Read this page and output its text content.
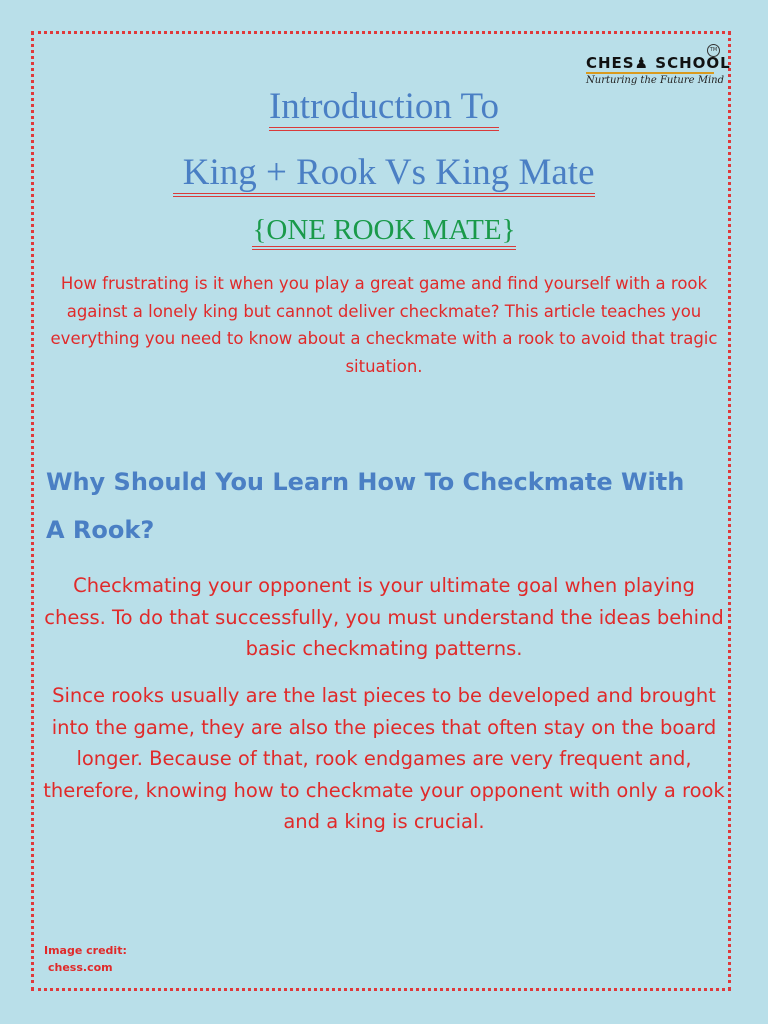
CHES♟ SCHOOL
TM
Nurturing the Future Mind
Introduction To
King + Rook Vs King Mate
{ONE ROOK MATE}

How frustrating is it when you play a great game and find yourself with a rook against a lonely king but cannot deliver checkmate? This article teaches you everything you need to know about a checkmate with a rook to avoid that tragic situation.

Why Should You Learn How To Checkmate With A Rook?

Checkmating your opponent is your ultimate goal when playing chess. To do that successfully, you must understand the ideas behind basic checkmating patterns.

Since rooks usually are the last pieces to be developed and brought into the game, they are also the pieces that often stay on the board longer. Because of that, rook endgames are very frequent and, therefore, knowing how to checkmate your opponent with only a rook and a king is crucial.

Image credit:
chess.com
